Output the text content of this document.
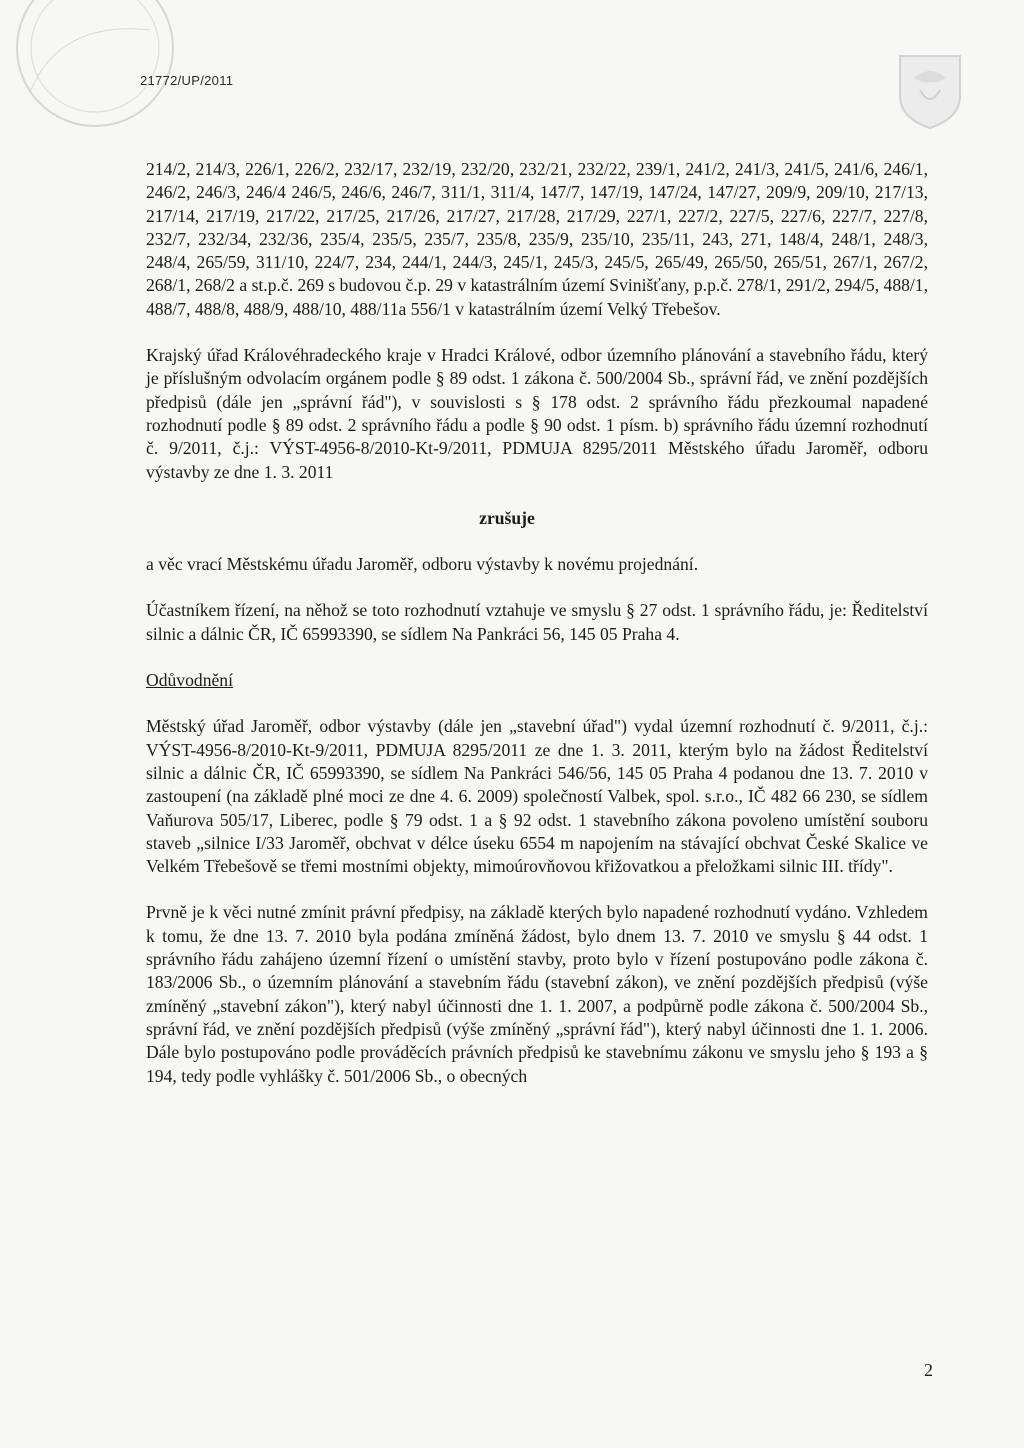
21772/UP/2011

214/2, 214/3, 226/1, 226/2, 232/17, 232/19, 232/20, 232/21, 232/22, 239/1, 241/2, 241/3, 241/5, 241/6, 246/1, 246/2, 246/3, 246/4 246/5, 246/6, 246/7, 311/1, 311/4, 147/7, 147/19, 147/24, 147/27, 209/9, 209/10, 217/13, 217/14, 217/19, 217/22, 217/25, 217/26, 217/27, 217/28, 217/29, 227/1, 227/2, 227/5, 227/6, 227/7, 227/8, 232/7, 232/34, 232/36, 235/4, 235/5, 235/7, 235/8, 235/9, 235/10, 235/11, 243, 271, 148/4, 248/1, 248/3, 248/4, 265/59, 311/10, 224/7, 234, 244/1, 244/3, 245/1, 245/3, 245/5, 265/49, 265/50, 265/51, 267/1, 267/2, 268/1, 268/2 a st.p.č. 269 s budovou č.p. 29 v katastrálním území Svinišťany, p.p.č. 278/1, 291/2, 294/5, 488/1, 488/7, 488/8, 488/9, 488/10, 488/11a 556/1 v katastrálním území Velký Třebešov.

Krajský úřad Královéhradeckého kraje v Hradci Králové, odbor územního plánování a stavebního řádu, který je příslušným odvolacím orgánem podle § 89 odst. 1 zákona č. 500/2004 Sb., správní řád, ve znění pozdějších předpisů (dále jen „správní řád"), v souvislosti s § 178 odst. 2 správního řádu přezkoumal napadené rozhodnutí podle § 89 odst. 2 správního řádu a podle § 90 odst. 1 písm. b) správního řádu územní rozhodnutí č. 9/2011, č.j.: VÝST-4956-8/2010-Kt-9/2011, PDMUJA 8295/2011 Městského úřadu Jaroměř, odboru výstavby ze dne 1. 3. 2011

zrušuje

a věc vrací Městskému úřadu Jaroměř, odboru výstavby k novému projednání.

Účastníkem řízení, na něhož se toto rozhodnutí vztahuje ve smyslu § 27 odst. 1 správního řádu, je: Ředitelství silnic a dálnic ČR, IČ 65993390, se sídlem Na Pankráci 56, 145 05 Praha 4.

Odůvodnění

Městský úřad Jaroměř, odbor výstavby (dále jen „stavební úřad") vydal územní rozhodnutí č. 9/2011, č.j.: VÝST-4956-8/2010-Kt-9/2011, PDMUJA 8295/2011 ze dne 1. 3. 2011, kterým bylo na žádost Ředitelství silnic a dálnic ČR, IČ 65993390, se sídlem Na Pankráci 546/56, 145 05 Praha 4 podanou dne 13. 7. 2010 v zastoupení (na základě plné moci ze dne 4. 6. 2009) společností Valbek, spol. s.r.o., IČ 482 66 230, se sídlem Vaňurova 505/17, Liberec, podle § 79 odst. 1 a § 92 odst. 1 stavebního zákona povoleno umístění souboru staveb „silnice I/33 Jaroměř, obchvat v délce úseku 6554 m napojením na stávající obchvat České Skalice ve Velkém Třebešově se třemi mostními objekty, mimoúrovňovou křižovatkou a přeložkami silnic III. třídy".

Prvně je k věci nutné zmínit právní předpisy, na základě kterých bylo napadené rozhodnutí vydáno. Vzhledem k tomu, že dne 13. 7. 2010 byla podána zmíněná žádost, bylo dnem 13. 7. 2010 ve smyslu § 44 odst. 1 správního řádu zahájeno územní řízení o umístění stavby, proto bylo v řízení postupováno podle zákona č. 183/2006 Sb., o územním plánování a stavebním řádu (stavební zákon), ve znění pozdějších předpisů (výše zmíněný „stavební zákon"), který nabyl účinnosti dne 1. 1. 2007, a podpůrně podle zákona č. 500/2004 Sb., správní řád, ve znění pozdějších předpisů (výše zmíněný „správní řád"), který nabyl účinnosti dne 1. 1. 2006. Dále bylo postupováno podle prováděcích právních předpisů ke stavebnímu zákonu ve smyslu jeho § 193 a § 194, tedy podle vyhlášky č. 501/2006 Sb., o obecných

2
